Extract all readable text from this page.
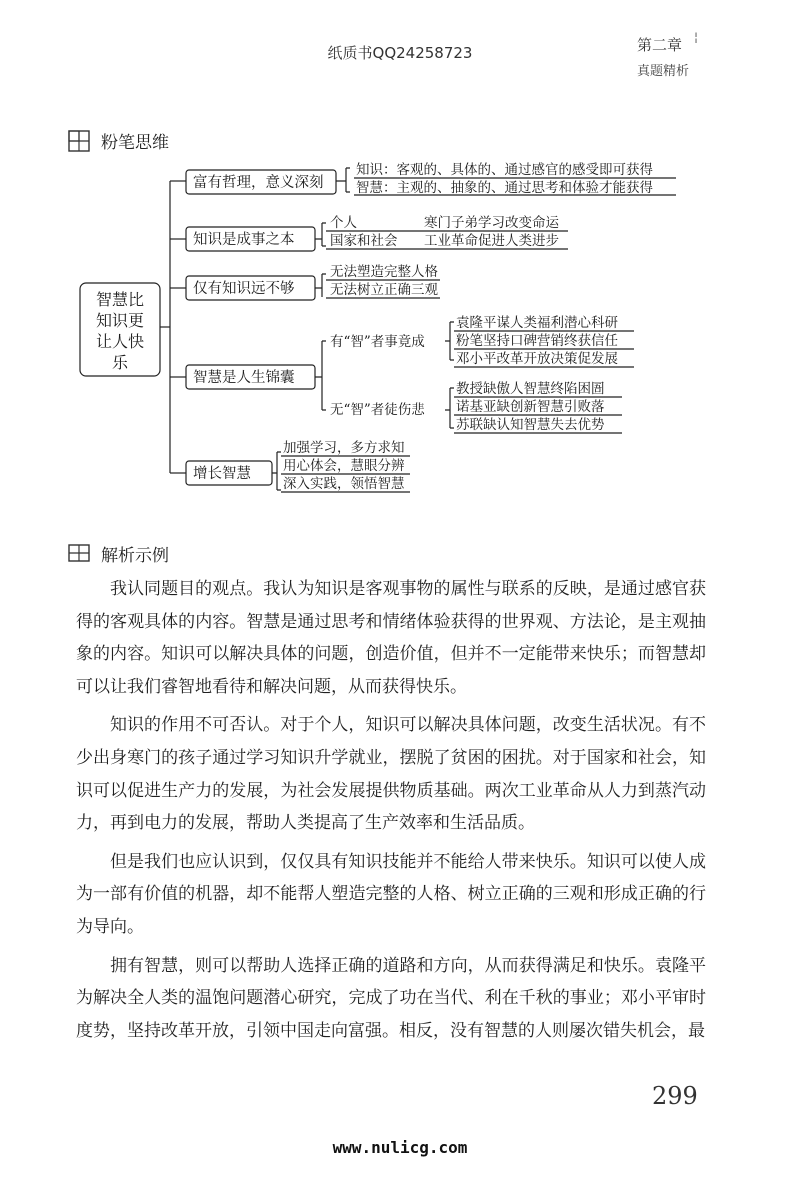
纸质书QQ24258723	第二章 ¦
真题精析
粉笔思维
智慧比
知识更
让人快
乐
富有哲理，意义深刻
知识是成事之本
仅有知识远不够
智慧是人生锦囊
增长智慧
知识：客观的、具体的、通过感官的感受即可获得
智慧：主观的、抽象的、通过思考和体验才能获得
个人	寒门子弟学习改变命运
国家和社会 工业革命促进人类进步
无法塑造完整人格
无法树立正确三观
有“智”者事竟成
无“智”者徒伤悲
袁隆平谋人类福利潜心科研
粉笔坚持口碑营销终获信任
邓小平改革开放决策促发展
教授缺傲人智慧终陷困圄
诺基亚缺创新智慧引败落
苏联缺认知智慧失去优势
加强学习，多方求知
用心体会，慧眼分辨
深入实践，领悟智慧
解析示例

我认同题目的观点。我认为知识是客观事物的属性与联系的反映，是通过感官获得的客观具体的内容。智慧是通过思考和情绪体验获得的世界观、方法论，是主观抽象的内容。知识可以解决具体的问题，创造价值，但并不一定能带来快乐；而智慧却可以让我们睿智地看待和解决问题，从而获得快乐。

知识的作用不可否认。对于个人，知识可以解决具体问题，改变生活状况。有不少出身寒门的孩子通过学习知识升学就业，摆脱了贫困的困扰。对于国家和社会，知识可以促进生产力的发展，为社会发展提供物质基础。两次工业革命从人力到蒸汽动力，再到电力的发展，帮助人类提高了生产效率和生活品质。

但是我们也应认识到，仅仅具有知识技能并不能给人带来快乐。知识可以使人成为一部有价值的机器，却不能帮人塑造完整的人格、树立正确的三观和形成正确的行为导向。

拥有智慧，则可以帮助人选择正确的道路和方向，从而获得满足和快乐。袁隆平为解决全人类的温饱问题潜心研究，完成了功在当代、利在千秋的事业；邓小平审时度势，坚持改革开放，引领中国走向富强。相反，没有智慧的人则屡次错失机会，最

299
www.nulicg.com
